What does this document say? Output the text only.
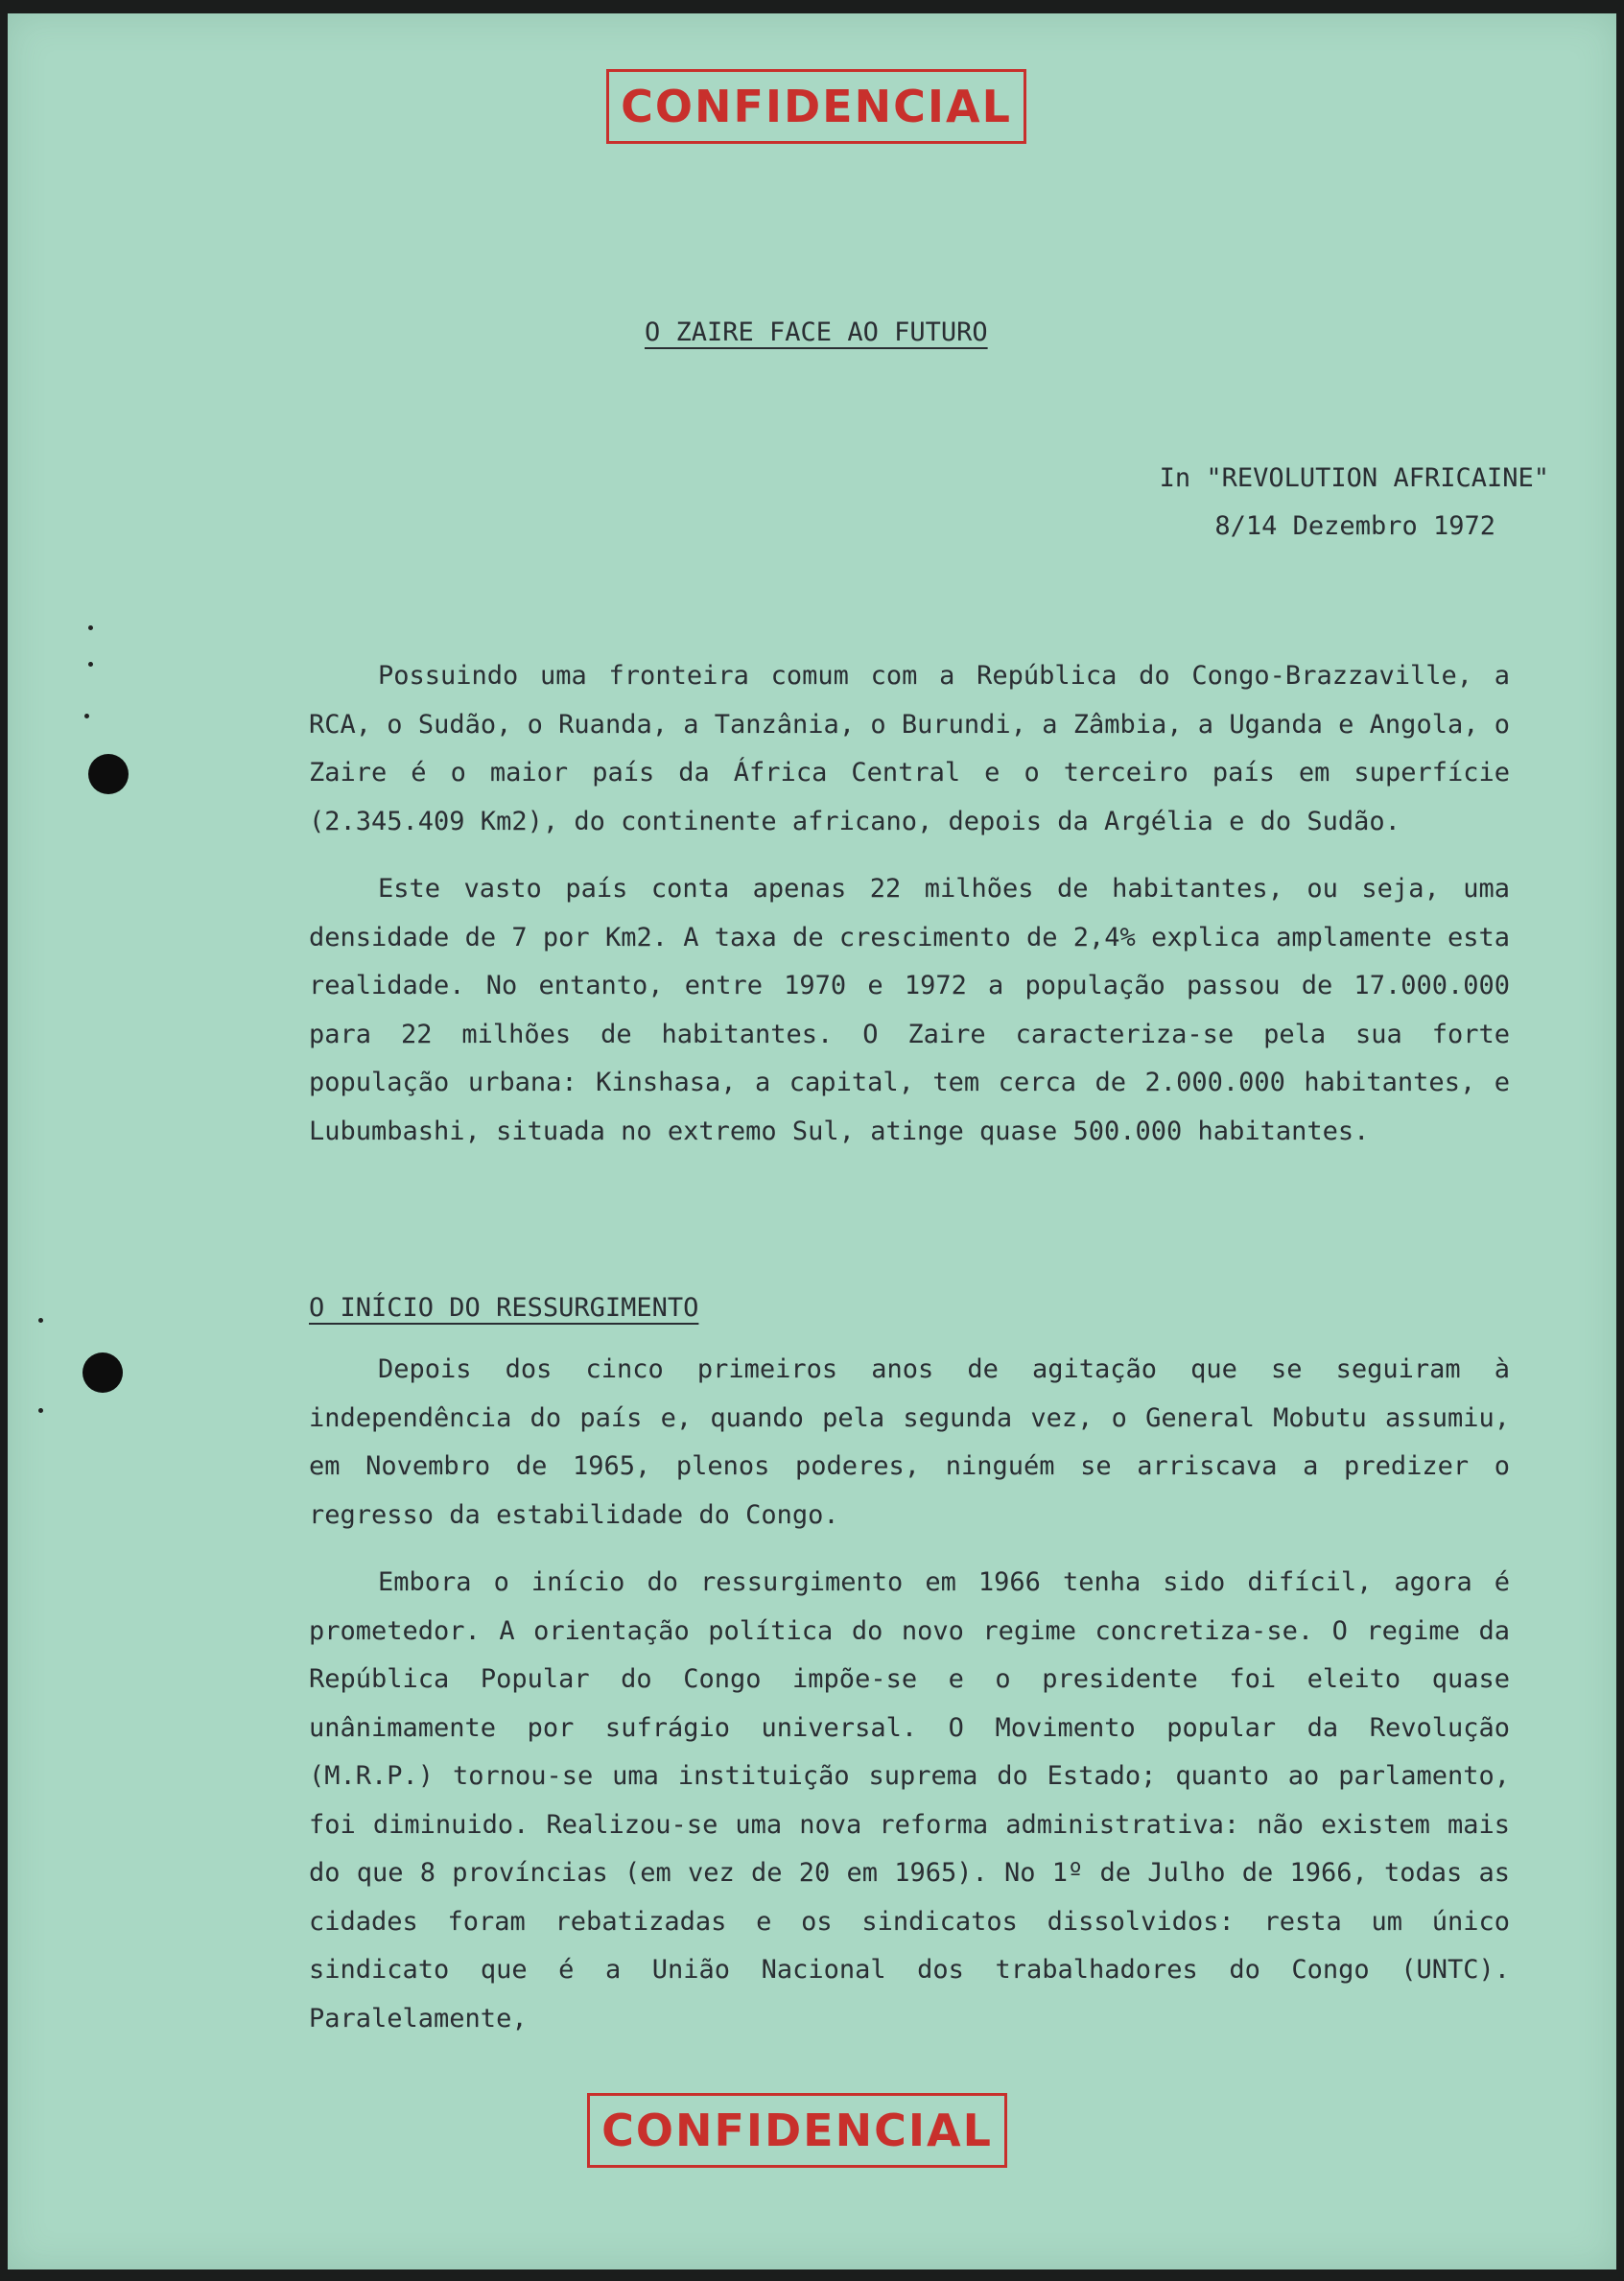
CONFIDENCIAL
O ZAIRE FACE AO FUTURO
In "REVOLUTION AFRICAINE"
8/14 Dezembro 1972

Possuindo uma fronteira comum com a República do Congo-Brazzaville, a RCA, o Sudão, o Ruanda, a Tanzânia, o Burundi, a Zâmbia, a Uganda e Angola, o Zaire é o maior país da África Central e o terceiro país em superfície (2.345.409 Km2), do continente africano, depois da Argélia e do Sudão.

Este vasto país conta apenas 22 milhões de habitantes, ou seja, uma densidade de 7 por Km2. A taxa de crescimento de 2,4% explica amplamente esta realidade. No entanto, entre 1970 e 1972 a população passou de 17.000.000 para 22 milhões de habitantes. O Zaire caracteriza-se pela sua forte população urbana: Kinshasa, a capital, tem cerca de 2.000.000 habitantes, e Lubumbashi, situada no extremo Sul, atinge quase 500.000 habitantes.

O INÍCIO DO RESSURGIMENTO

Depois dos cinco primeiros anos de agitação que se seguiram à independência do país e, quando pela segunda vez, o General Mobutu assumiu, em Novembro de 1965, plenos poderes, ninguém se arriscava a predizer o regresso da estabilidade do Congo.

Embora o início do ressurgimento em 1966 tenha sido difícil, agora é prometedor. A orientação política do novo regime concretiza-se. O regime da República Popular do Congo impõe-se e o presidente foi eleito quase unânimamente por sufrágio universal. O Movimento popular da Revolução (M.R.P.) tornou-se uma instituição suprema do Estado; quanto ao parlamento, foi diminuido. Realizou-se uma nova reforma administrativa: não existem mais do que 8 províncias (em vez de 20 em 1965). No 1º de Julho de 1966, todas as cidades foram rebatizadas e os sindicatos dissolvidos: resta um único sindicato que é a União Nacional dos trabalhadores do Congo (UNTC). Paralelamente,

CONFIDENCIAL
